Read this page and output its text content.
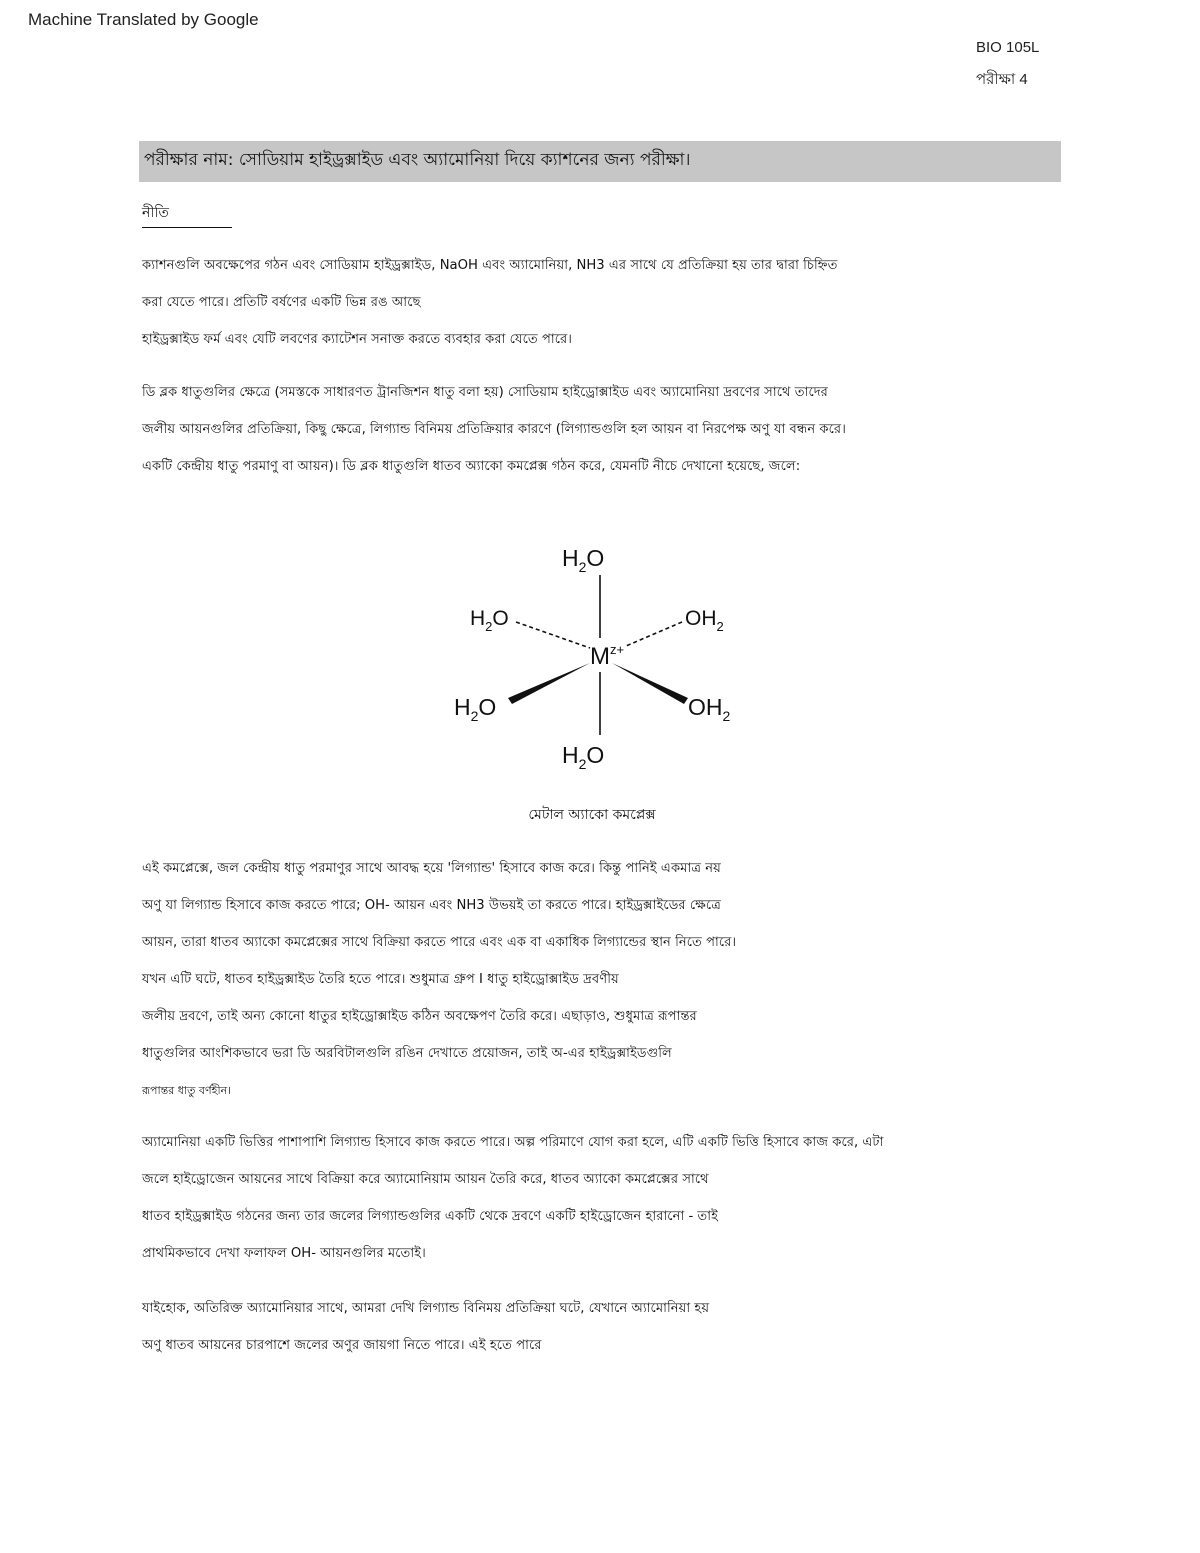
Machine Translated by Google
BIO 105L
পরীক্ষা 4
পরীক্ষার নাম: সোডিয়াম হাইড্রক্সাইড এবং অ্যামোনিয়া দিয়ে ক্যাশনের জন্য পরীক্ষা।
নীতি
ক্যাশনগুলি অবক্ষেপের গঠন এবং সোডিয়াম হাইড্রক্সাইড, NaOH এবং অ্যামোনিয়া, NH3 এর সাথে যে প্রতিক্রিয়া হয় তার দ্বারা চিহ্নিত
করা যেতে পারে। প্রতিটি বর্ষণের একটি ভিন্ন রঙ আছে
হাইড্রক্সাইড ফর্ম এবং যেটি লবণের ক্যাটেশন সনাক্ত করতে ব্যবহার করা যেতে পারে।
ডি ব্লক ধাতুগুলির ক্ষেত্রে (সমস্তকে সাধারণত ট্রানজিশন ধাতু বলা হয়) সোডিয়াম হাইড্রোক্সাইড এবং অ্যামোনিয়া দ্রবণের সাথে তাদের
জলীয় আয়নগুলির প্রতিক্রিয়া, কিছু ক্ষেত্রে, লিগ্যান্ড বিনিময় প্রতিক্রিয়ার কারণে (লিগ্যান্ডগুলি হল আয়ন বা নিরপেক্ষ অণু যা বন্ধন করে।
একটি কেন্দ্রীয় ধাতু পরমাণু বা আয়ন)। ডি ব্লক ধাতুগুলি ধাতব অ্যাকো কমপ্লেক্স গঠন করে, যেমনটি নীচে দেখানো হয়েছে, জলে:
$M^{z+}$
$H_2O$
$H_2O$
$H_2O$	$OH_2$
$H_2O$	$OH_2$
মেটাল অ্যাকো কমপ্লেক্স
এই কমপ্লেক্সে, জল কেন্দ্রীয় ধাতু পরমাণুর সাথে আবদ্ধ হয়ে 'লিগ্যান্ড' হিসাবে কাজ করে। কিন্তু পানিই একমাত্র নয়
অণু যা লিগ্যান্ড হিসাবে কাজ করতে পারে; OH- আয়ন এবং NH3 উভয়ই তা করতে পারে। হাইড্রক্সাইডের ক্ষেত্রে
আয়ন, তারা ধাতব অ্যাকো কমপ্লেক্সের সাথে বিক্রিয়া করতে পারে এবং এক বা একাধিক লিগ্যান্ডের স্থান নিতে পারে।
যখন এটি ঘটে, ধাতব হাইড্রক্সাইড তৈরি হতে পারে। শুধুমাত্র গ্রুপ I ধাতু হাইড্রোক্সাইড দ্রবণীয়
জলীয় দ্রবণে, তাই অন্য কোনো ধাতুর হাইড্রোক্সাইড কঠিন অবক্ষেপণ তৈরি করে। এছাড়াও, শুধুমাত্র রূপান্তর
ধাতুগুলির আংশিকভাবে ভরা ডি অরবিটালগুলি রঙিন দেখাতে প্রয়োজন, তাই অ-এর হাইড্রক্সাইডগুলি
রূপান্তর ধাতু বর্ণহীন।
অ্যামোনিয়া একটি ভিত্তির পাশাপাশি লিগ্যান্ড হিসাবে কাজ করতে পারে। অল্প পরিমাণে যোগ করা হলে, এটি একটি ভিত্তি হিসাবে কাজ করে, এটা
জলে হাইড্রোজেন আয়নের সাথে বিক্রিয়া করে অ্যামোনিয়াম আয়ন তৈরি করে, ধাতব অ্যাকো কমপ্লেক্সের সাথে
ধাতব হাইড্রক্সাইড গঠনের জন্য তার জলের লিগ্যান্ডগুলির একটি থেকে দ্রবণে একটি হাইড্রোজেন হারানো - তাই
প্রাথমিকভাবে দেখা ফলাফল OH- আয়নগুলির মতোই।
যাইহোক, অতিরিক্ত অ্যামোনিয়ার সাথে, আমরা দেখি লিগ্যান্ড বিনিময় প্রতিক্রিয়া ঘটে, যেখানে অ্যামোনিয়া হয়
অণু ধাতব আয়নের চারপাশে জলের অণুর জায়গা নিতে পারে। এই হতে পারে
